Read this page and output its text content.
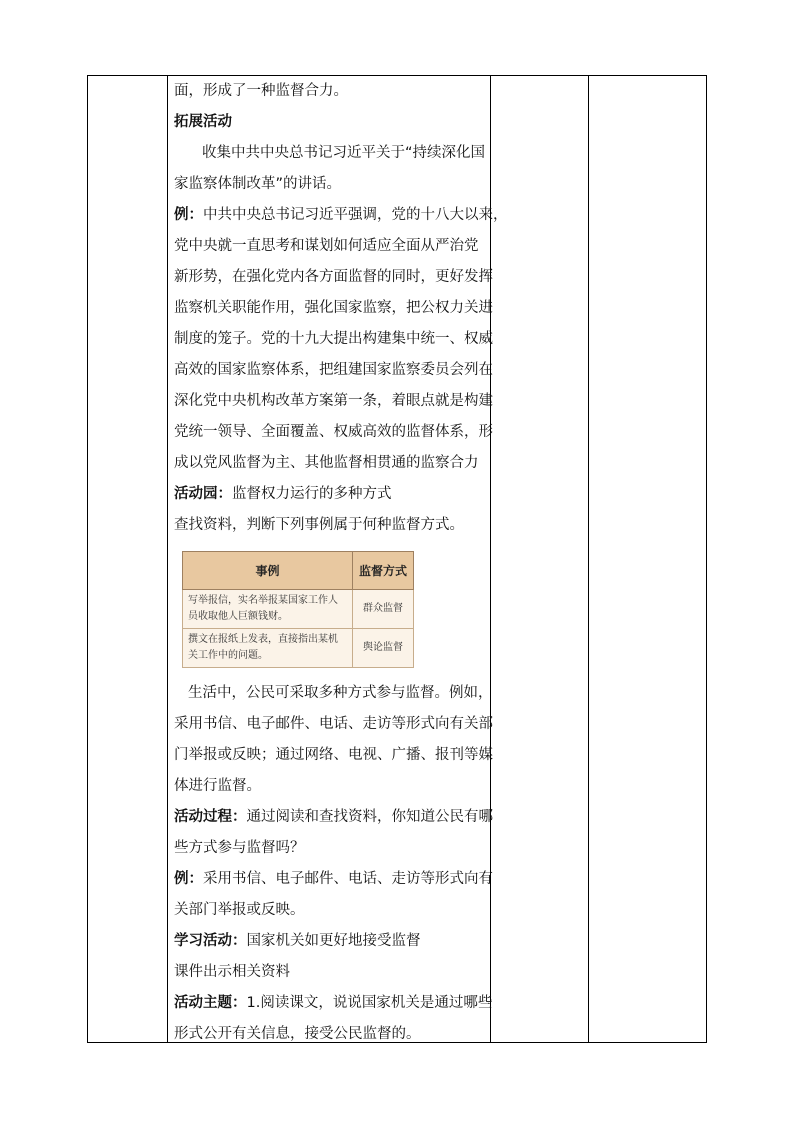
面，形成了一种监督合力。
拓展活动
收集中共中央总书记习近平关于“持续深化国
家监察体制改革”的讲话。
例：中共中央总书记习近平强调，党的十八大以来，
党中央就一直思考和谋划如何适应全面从严治党
新形势，在强化党内各方面监督的同时，更好发挥
监察机关职能作用，强化国家监察，把公权力关进
制度的笼子。党的十九大提出构建集中统一、权威
高效的国家监察体系，把组建国家监察委员会列在
深化党中央机构改革方案第一条，着眼点就是构建
党统一领导、全面覆盖、权威高效的监督体系，形
成以党风监督为主、其他监督相贯通的监察合力
活动园：监督权力运行的多种方式
查找资料，判断下列事例属于何种监督方式。
事例	监督方式
写举报信，实名举报某国家工作人员收取他人巨额钱财。	群众监督
撰文在报纸上发表，直接指出某机关工作中的问题。	舆论监督
生活中，公民可采取多种方式参与监督。例如，
采用书信、电子邮件、电话、走访等形式向有关部
门举报或反映；通过网络、电视、广播、报刊等媒
体进行监督。
活动过程：通过阅读和查找资料，你知道公民有哪
些方式参与监督吗？
例：采用书信、电子邮件、电话、走访等形式向有
关部门举报或反映。
学习活动：国家机关如更好地接受监督
课件出示相关资料
活动主题：1.阅读课文，说说国家机关是通过哪些
形式公开有关信息，接受公民监督的。
